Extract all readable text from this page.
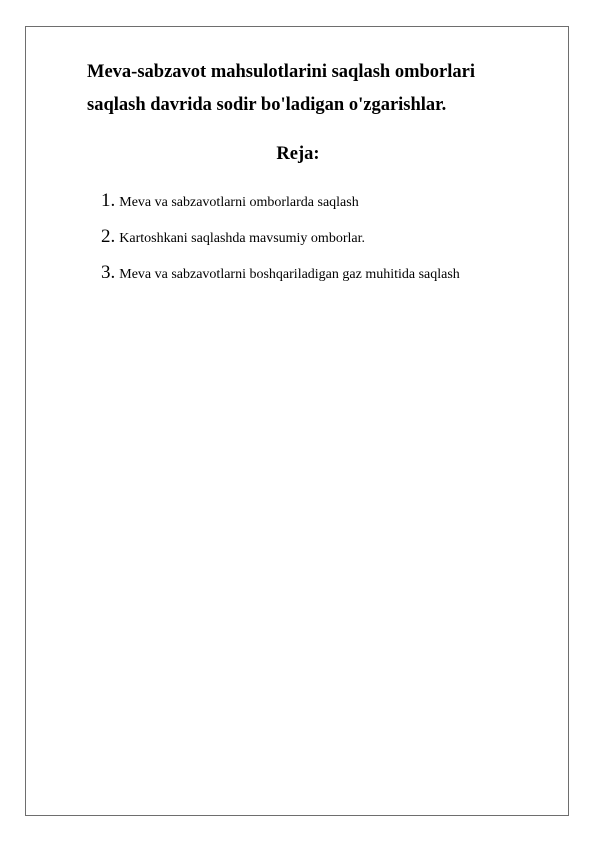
Meva-sabzavot mahsulotlarini saqlash omborlari
saqlash davrida sodir bo'ladigan o'zgarishlar.
Reja:
1. Meva va sabzavotlarni omborlarda saqlash
2. Kartoshkani saqlashda mavsumiy omborlar.
3. Meva va sabzavotlarni boshqariladigan gaz muhitida saqlash
